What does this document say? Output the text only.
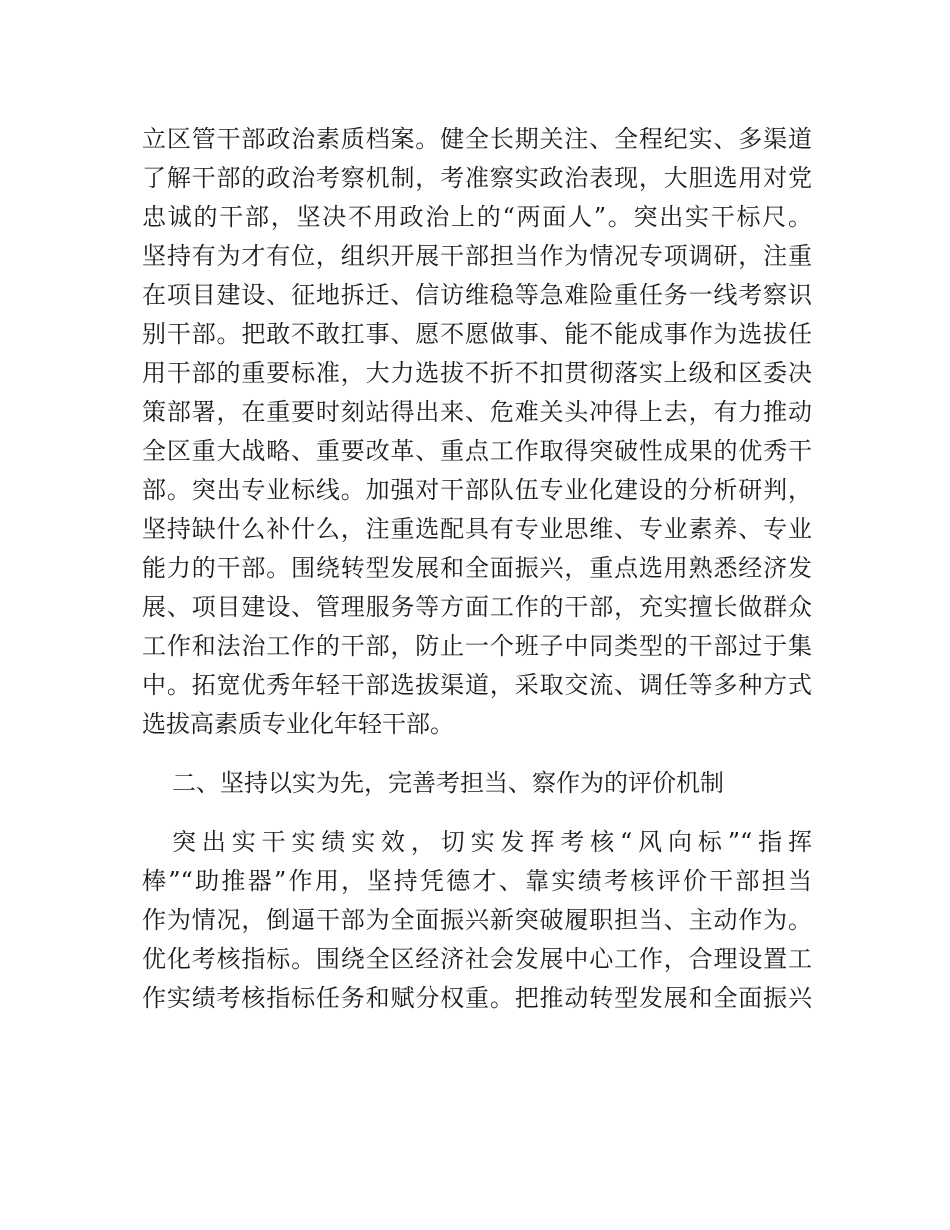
立区管干部政治素质档案。健全长期关注、全程纪实、多渠道
了解干部的政治考察机制，考准察实政治表现，大胆选用对党
忠诚的干部，坚决不用政治上的“两面人”。突出实干标尺。
坚持有为才有位，组织开展干部担当作为情况专项调研，注重
在项目建设、征地拆迁、信访维稳等急难险重任务一线考察识
别干部。把敢不敢扛事、愿不愿做事、能不能成事作为选拔任
用干部的重要标准，大力选拔不折不扣贯彻落实上级和区委决
策部署，在重要时刻站得出来、危难关头冲得上去，有力推动
全区重大战略、重要改革、重点工作取得突破性成果的优秀干
部。突出专业标线。加强对干部队伍专业化建设的分析研判，
坚持缺什么补什么，注重选配具有专业思维、专业素养、专业
能力的干部。围绕转型发展和全面振兴，重点选用熟悉经济发
展、项目建设、管理服务等方面工作的干部，充实擅长做群众
工作和法治工作的干部，防止一个班子中同类型的干部过于集
中。拓宽优秀年轻干部选拔渠道，采取交流、调任等多种方式
选拔高素质专业化年轻干部。
二、坚持以实为先，完善考担当、察作为的评价机制
突出实干实绩实效，切实发挥考核“风向标”“指挥
棒”“助推器”作用，坚持凭德才、靠实绩考核评价干部担当
作为情况，倒逼干部为全面振兴新突破履职担当、主动作为。
优化考核指标。围绕全区经济社会发展中心工作，合理设置工
作实绩考核指标任务和赋分权重。把推动转型发展和全面振兴
